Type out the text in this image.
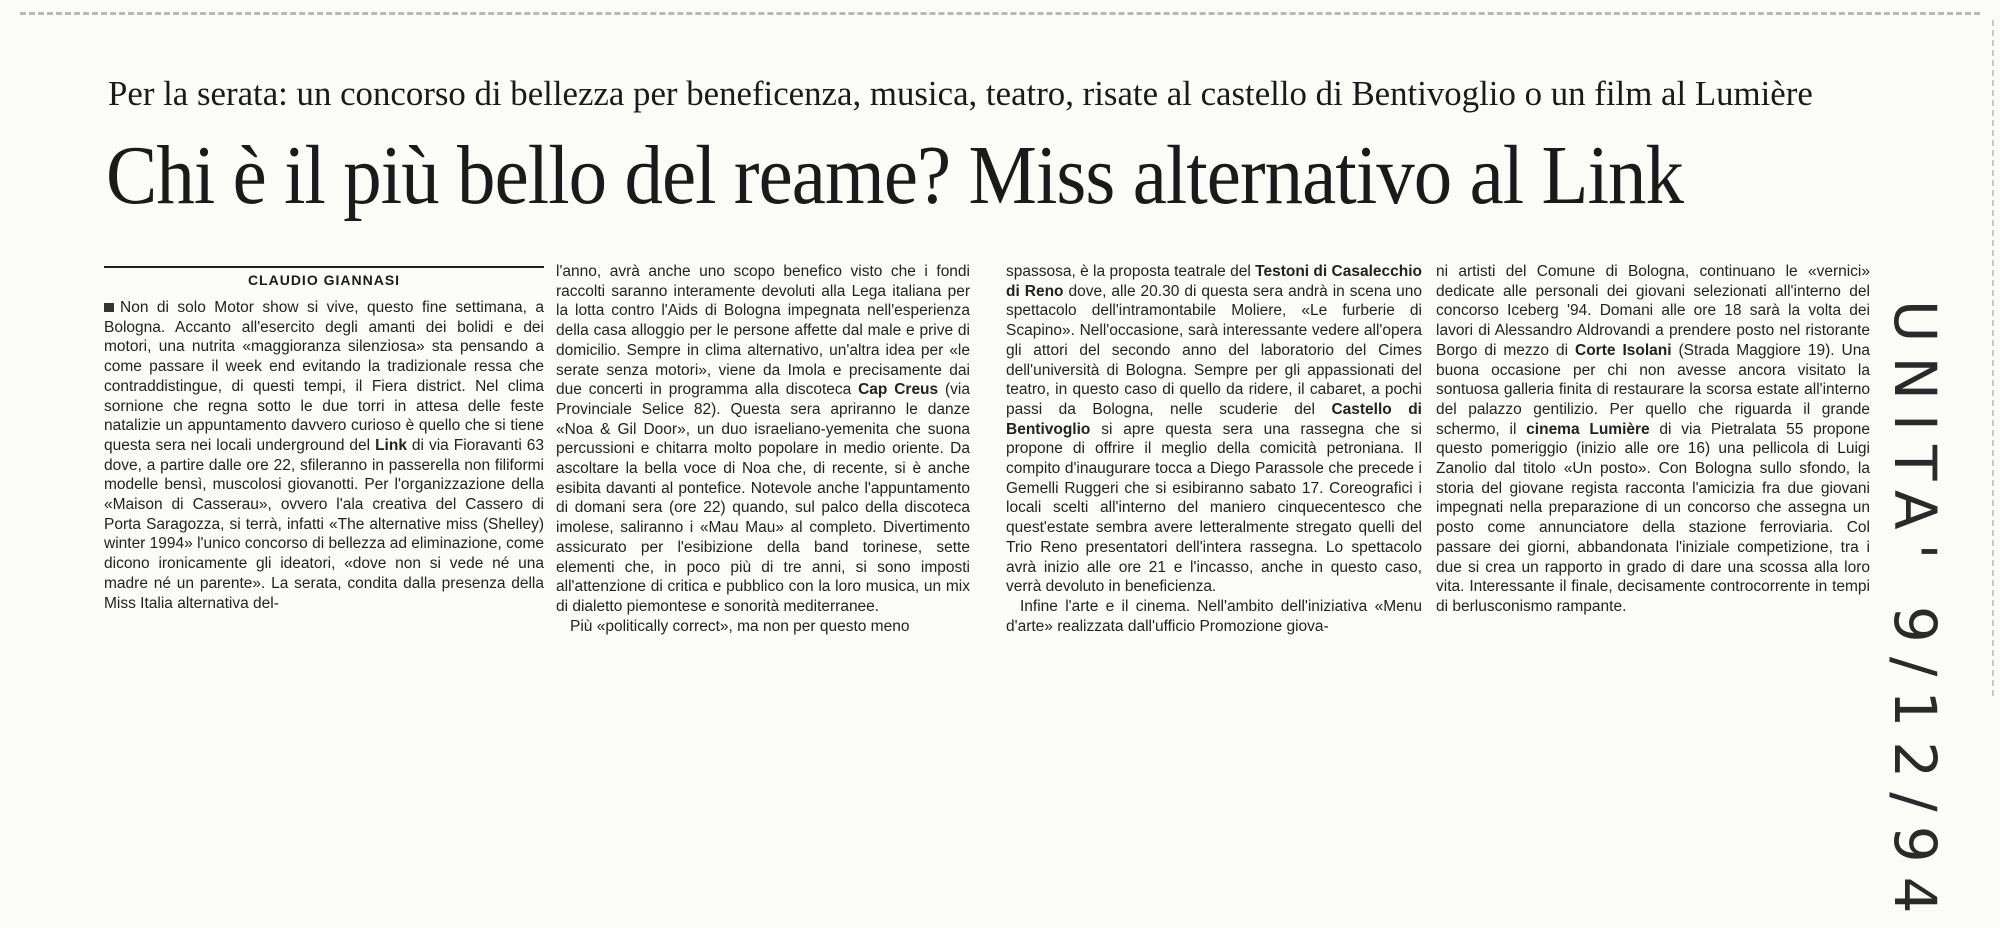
Per la serata: un concorso di bellezza per beneficenza, musica, teatro, risate al castello di Bentivoglio o un film al Lumière
Chi è il più bello del reame? Miss alternativo al Link
CLAUDIO GIANNASI

Non di solo Motor show si vive, questo fine settimana, a Bologna. Accanto all'esercito degli amanti dei bolidi e dei motori, una nutrita «maggioranza silenziosa» sta pensando a come passare il week end evitando la tradizionale ressa che contraddistingue, di questi tempi, il Fiera district. Nel clima sornione che regna sotto le due torri in attesa delle feste natalizie un appuntamento davvero curioso è quello che si tiene questa sera nei locali underground del Link di via Fioravanti 63 dove, a partire dalle ore 22, sfileranno in passerella non filiformi modelle bensì, muscolosi giovanotti. Per l'organizzazione della «Maison di Casserau», ovvero l'ala creativa del Cassero di Porta Saragozza, si terrà, infatti «The alternative miss (Shelley) winter 1994» l'unico concorso di bellezza ad eliminazione, come dicono ironicamente gli ideatori, «dove non si vede né una madre né un parente». La serata, condita dalla presenza della Miss Italia alternativa del-

l'anno, avrà anche uno scopo benefico visto che i fondi raccolti saranno interamente devoluti alla Lega italiana per la lotta contro l'Aids di Bologna impegnata nell'esperienza della casa alloggio per le persone affette dal male e prive di domicilio. Sempre in clima alternativo, un'altra idea per «le serate senza motori», viene da Imola e precisamente dai due concerti in programma alla discoteca Cap Creus (via Provinciale Selice 82). Questa sera apriranno le danze «Noa & Gil Door», un duo israeliano-yemenita che suona percussioni e chitarra molto popolare in medio oriente. Da ascoltare la bella voce di Noa che, di recente, si è anche esibita davanti al pontefice. Notevole anche l'appuntamento di domani sera (ore 22) quando, sul palco della discoteca imolese, saliranno i «Mau Mau» al completo. Divertimento assicurato per l'esibizione della band torinese, sette elementi che, in poco più di tre anni, si sono imposti all'attenzione di critica e pubblico con la loro musica, un mix di dialetto piemontese e sonorità mediterranee.

Più «politically correct», ma non per questo meno

spassosa, è la proposta teatrale del Testoni di Casalecchio di Reno dove, alle 20.30 di questa sera andrà in scena uno spettacolo dell'intramontabile Moliere, «Le furberie di Scapino». Nell'occasione, sarà interessante vedere all'opera gli attori del secondo anno del laboratorio del Cimes dell'università di Bologna. Sempre per gli appassionati del teatro, in questo caso di quello da ridere, il cabaret, a pochi passi da Bologna, nelle scuderie del Castello di Bentivoglio si apre questa sera una rassegna che si propone di offrire il meglio della comicità petroniana. Il compito d'inaugurare tocca a Diego Parassole che precede i Gemelli Ruggeri che si esibiranno sabato 17. Coreografici i locali scelti all'interno del maniero cinquecentesco che quest'estate sembra avere letteralmente stregato quelli del Trio Reno presentatori dell'intera rassegna. Lo spettacolo avrà inizio alle ore 21 e l'incasso, anche in questo caso, verrà devoluto in beneficienza.

Infine l'arte e il cinema. Nell'ambito dell'iniziativa «Menu d'arte» realizzata dall'ufficio Promozione giova-

ni artisti del Comune di Bologna, continuano le «vernici» dedicate alle personali dei giovani selezionati all'interno del concorso Iceberg '94. Domani alle ore 18 sarà la volta dei lavori di Alessandro Aldrovandi a prendere posto nel ristorante Borgo di mezzo di Corte Isolani (Strada Maggiore 19). Una buona occasione per chi non avesse ancora visitato la sontuosa galleria finita di restaurare la scorsa estate all'interno del palazzo gentilizio. Per quello che riguarda il grande schermo, il cinema Lumière di via Pietralata 55 propone questo pomeriggio (inizio alle ore 16) una pellicola di Luigi Zanolio dal titolo «Un posto». Con Bologna sullo sfondo, la storia del giovane regista racconta l'amicizia fra due giovani impegnati nella preparazione di un concorso che assegna un posto come annunciatore della stazione ferroviaria. Col passare dei giorni, abbandonata l'iniziale competizione, tra i due si crea un rapporto in grado di dare una scossa alla loro vita. Interessante il finale, decisamente controcorrente in tempi di berlusconismo rampante.	UNITA' 9/12/94
